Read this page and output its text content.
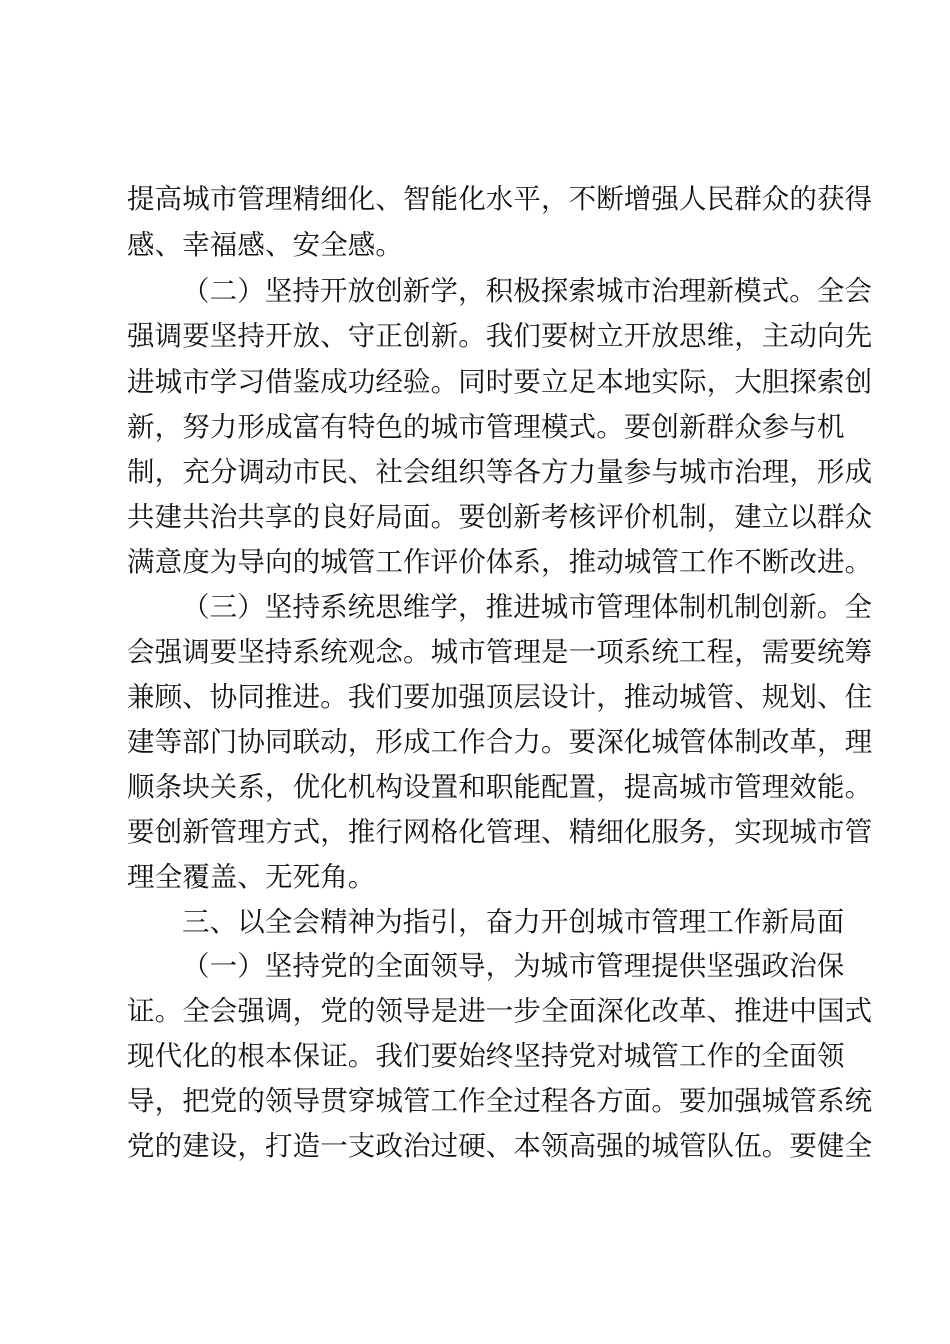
提高城市管理精细化、智能化水平，不断增强人民群众的获得
感、幸福感、安全感。
（二）坚持开放创新学，积极探索城市治理新模式。全会
强调要坚持开放、守正创新。我们要树立开放思维，主动向先
进城市学习借鉴成功经验。同时要立足本地实际，大胆探索创
新，努力形成富有特色的城市管理模式。要创新群众参与机
制，充分调动市民、社会组织等各方力量参与城市治理，形成
共建共治共享的良好局面。要创新考核评价机制，建立以群众
满意度为导向的城管工作评价体系，推动城管工作不断改进。
（三）坚持系统思维学，推进城市管理体制机制创新。全
会强调要坚持系统观念。城市管理是一项系统工程，需要统筹
兼顾、协同推进。我们要加强顶层设计，推动城管、规划、住
建等部门协同联动，形成工作合力。要深化城管体制改革，理
顺条块关系，优化机构设置和职能配置，提高城市管理效能。
要创新管理方式，推行网格化管理、精细化服务，实现城市管
理全覆盖、无死角。
三、以全会精神为指引，奋力开创城市管理工作新局面
（一）坚持党的全面领导，为城市管理提供坚强政治保
证。全会强调，党的领导是进一步全面深化改革、推进中国式
现代化的根本保证。我们要始终坚持党对城管工作的全面领
导，把党的领导贯穿城管工作全过程各方面。要加强城管系统
党的建设，打造一支政治过硬、本领高强的城管队伍。要健全
